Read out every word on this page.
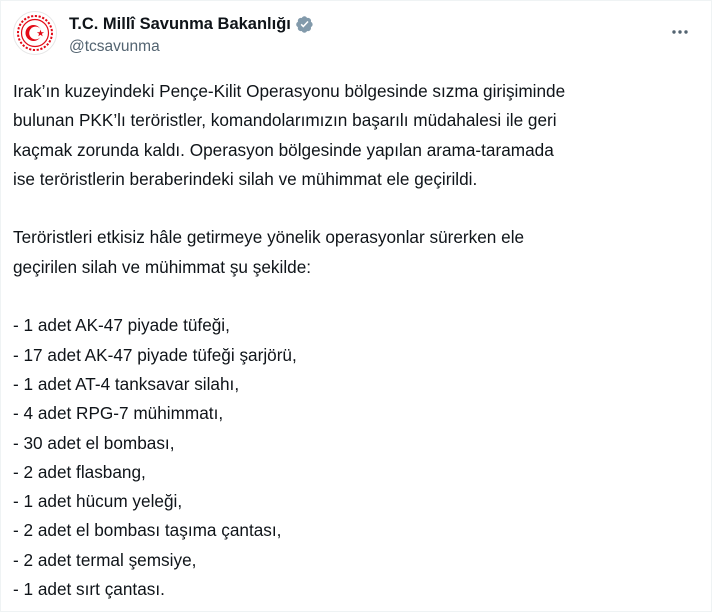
T.C. Millî Savunma Bakanlığı
@tcsavunma

Irak’ın kuzeyindeki Pençe-Kilit Operasyonu bölgesinde sızma girişiminde
bulunan PKK’lı teröristler, komandolarımızın başarılı müdahalesi ile geri
kaçmak zorunda kaldı. Operasyon bölgesinde yapılan arama-taramada
ise teröristlerin beraberindeki silah ve mühimmat ele geçirildi.

Teröristleri etkisiz hâle getirmeye yönelik operasyonlar sürerken ele
geçirilen silah ve mühimmat şu şekilde:

- 1 adet AK-47 piyade tüfeği,
- 17 adet AK-47 piyade tüfeği şarjörü,
- 1 adet AT-4 tanksavar silahı,
- 4 adet RPG-7 mühimmatı,
- 30 adet el bombası,
- 2 adet flasbang,
- 1 adet hücum yeleği,
- 2 adet el bombası taşıma çantası,
- 2 adet termal şemsiye,
- 1 adet sırt çantası.
